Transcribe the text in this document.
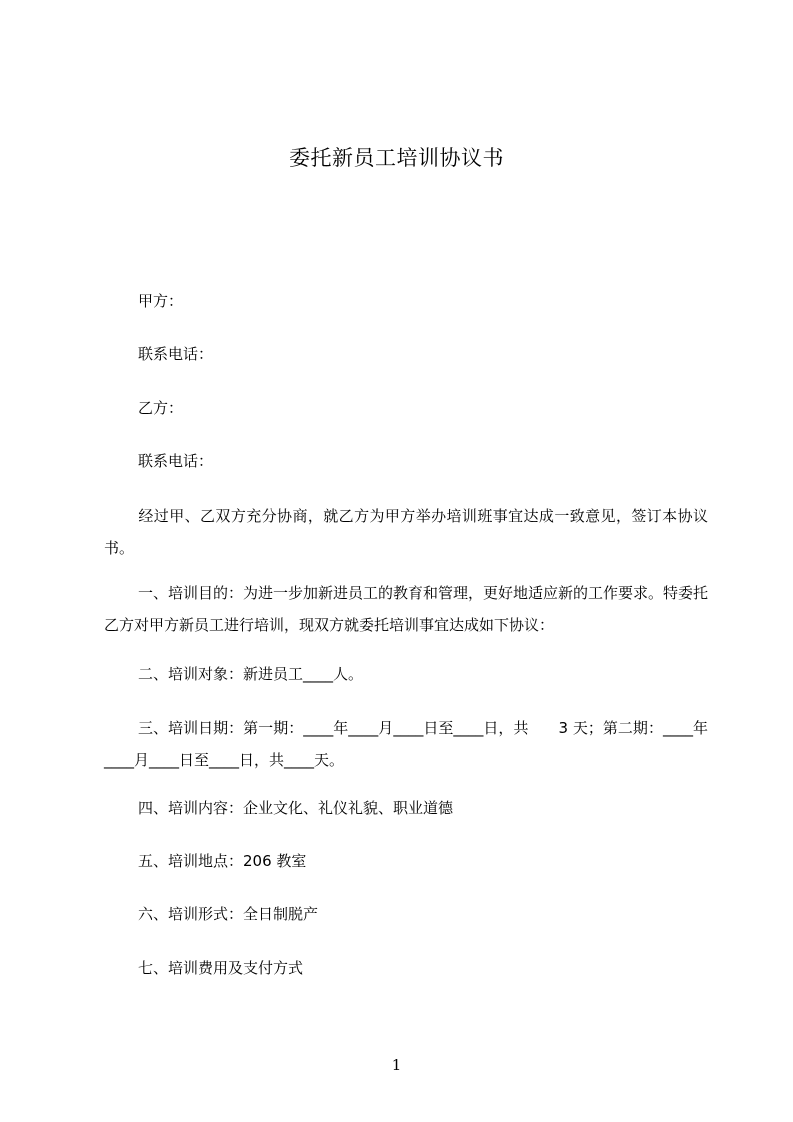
委托新员工培训协议书
甲方：
联系电话：
乙方：
联系电话：
经过甲、乙双方充分协商，就乙方为甲方举办培训班事宜达成一致意见，签订本协议书。
一、培训目的：为进一步加新进员工的教育和管理，更好地适应新的工作要求。特委托乙方对甲方新员工进行培训，现双方就委托培训事宜达成如下协议：
二、培训对象：新进员工____人。
三、培训日期：第一期：____年____月____日至____日，共　　3 天；第二期：____年____月____日至____日，共____天。
四、培训内容：企业文化、礼仪礼貌、职业道德
五、培训地点：206 教室
六、培训形式：全日制脱产
七、培训费用及支付方式
1
